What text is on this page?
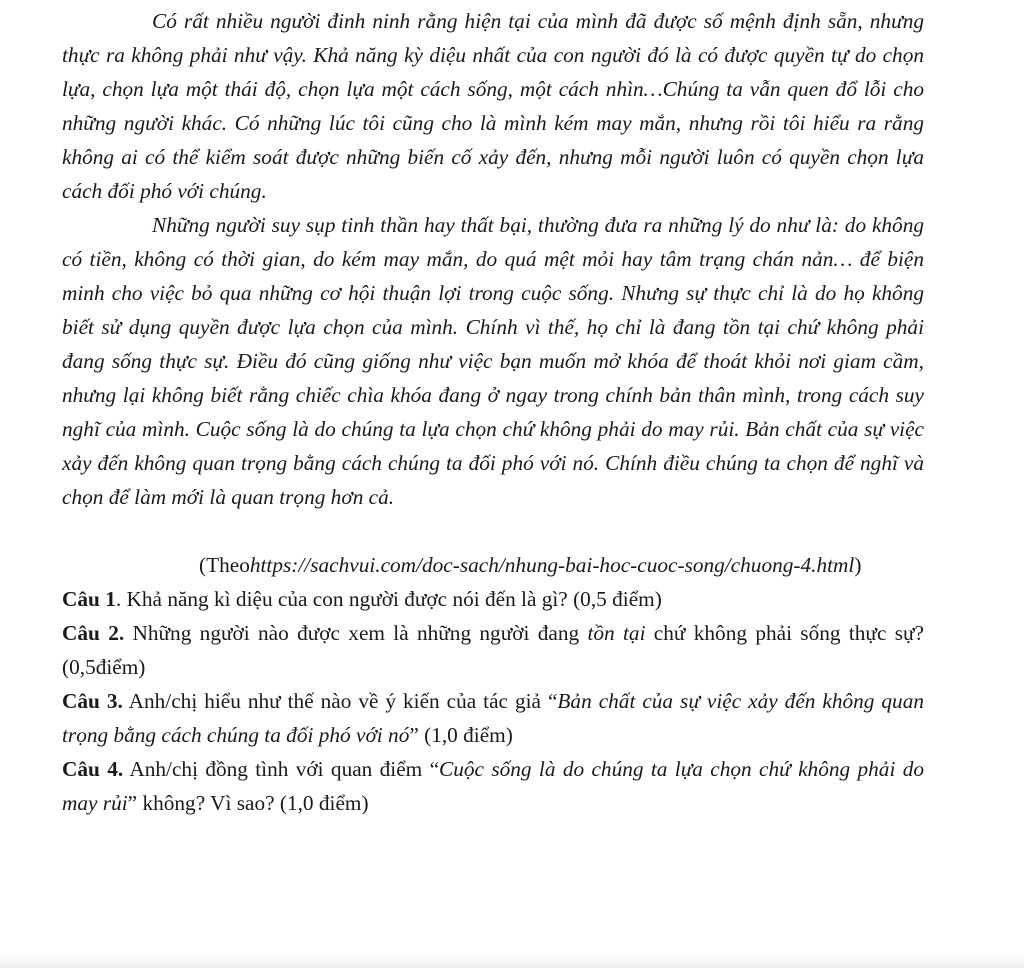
Có rất nhiều người đinh ninh rằng hiện tại của mình đã được số mệnh định sẵn, nhưng thực ra không phải như vậy. Khả năng kỳ diệu nhất của con người đó là có được quyền tự do chọn lựa, chọn lựa một thái độ, chọn lựa một cách sống, một cách nhìn…Chúng ta vẫn quen đổ lỗi cho những người khác. Có những lúc tôi cũng cho là mình kém may mắn, nhưng rồi tôi hiểu ra rằng không ai có thể kiểm soát được những biến cố xảy đến, nhưng mỗi người luôn có quyền chọn lựa cách đối phó với chúng.

Những người suy sụp tinh thần hay thất bại, thường đưa ra những lý do như là: do không có tiền, không có thời gian, do kém may mắn, do quá mệt mỏi hay tâm trạng chán nản… để biện minh cho việc bỏ qua những cơ hội thuận lợi trong cuộc sống. Nhưng sự thực chỉ là do họ không biết sử dụng quyền được lựa chọn của mình. Chính vì thế, họ chỉ là đang tồn tại chứ không phải đang sống thực sự. Điều đó cũng giống như việc bạn muốn mở khóa để thoát khỏi nơi giam cầm, nhưng lại không biết rằng chiếc chìa khóa đang ở ngay trong chính bản thân mình, trong cách suy nghĩ của mình. Cuộc sống là do chúng ta lựa chọn chứ không phải do may rủi. Bản chất của sự việc xảy đến không quan trọng bằng cách chúng ta đối phó với nó. Chính điều chúng ta chọn để nghĩ và chọn để làm mới là quan trọng hơn cả.

(Theohttps://sachvui.com/doc-sach/nhung-bai-hoc-cuoc-song/chuong-4.html)

Câu 1. Khả năng kì diệu của con người được nói đến là gì? (0,5 điểm)

Câu 2. Những người nào được xem là những người đang tồn tại chứ không phải sống thực sự? (0,5điểm)

Câu 3. Anh/chị hiểu như thế nào về ý kiến của tác giả “Bản chất của sự việc xảy đến không quan trọng bằng cách chúng ta đối phó với nó” (1,0 điểm)

Câu 4. Anh/chị đồng tình với quan điểm “Cuộc sống là do chúng ta lựa chọn chứ không phải do may rủi” không? Vì sao? (1,0 điểm)
